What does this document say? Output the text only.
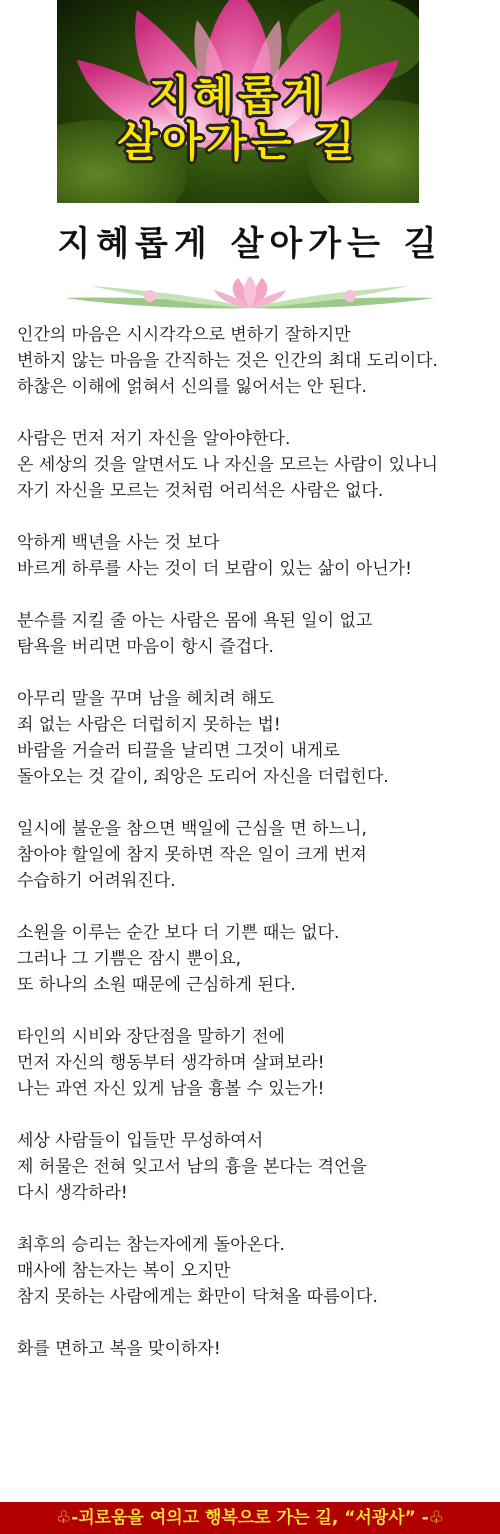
지혜롭게
살아가는 길
지혜롭게 살아가는 길

인간의 마음은 시시각각으로 변하기 잘하지만
변하지 않는 마음을 간직하는 것은 인간의 최대 도리이다.
하찮은 이해에 얽혀서 신의를 잃어서는 안 된다.

사람은 먼저 저기 자신을 알아야한다.
온 세상의 것을 알면서도 나 자신을 모르는 사람이 있나니
자기 자신을 모르는 것처럼 어리석은 사람은 없다.

악하게 백년을 사는 것 보다
바르게 하루를 사는 것이 더 보람이 있는 삶이 아닌가!

분수를 지킬 줄 아는 사람은 몸에 욕된 일이 없고
탐욕을 버리면 마음이 항시 즐겁다.

아무리 말을 꾸며 남을 헤치려 해도
죄 없는 사람은 더럽히지 못하는 법!
바람을 거슬러 티끌을 날리면 그것이 내게로
돌아오는 것 같이, 죄앙은 도리어 자신을 더럽힌다.

일시에 불운을 참으면 백일에 근심을 면 하느니,
참아야 할일에 참지 못하면 작은 일이 크게 번져
수습하기 어려워진다.

소원을 이루는 순간 보다 더 기쁜 때는 없다.
그러나 그 기쁨은 잠시 뿐이요,
또 하나의 소원 때문에 근심하게 된다.

타인의 시비와 장단점을 말하기 전에
먼저 자신의 행동부터 생각하며 살펴보라!
나는 과연 자신 있게 남을 흉볼 수 있는가!

세상 사람들이 입들만 무성하여서
제 허물은 전혀 잊고서 남의 흉을 본다는 격언을
다시 생각하라!

최후의 승리는 참는자에게 돌아온다.
매사에 참는자는 복이 오지만
참지 못하는 사람에게는 화만이 닥쳐올 따름이다.

화를 면하고 복을 맞이하자!

♧-괴로움을 여의고 행복으로 가는 길, “서광사” -♧
